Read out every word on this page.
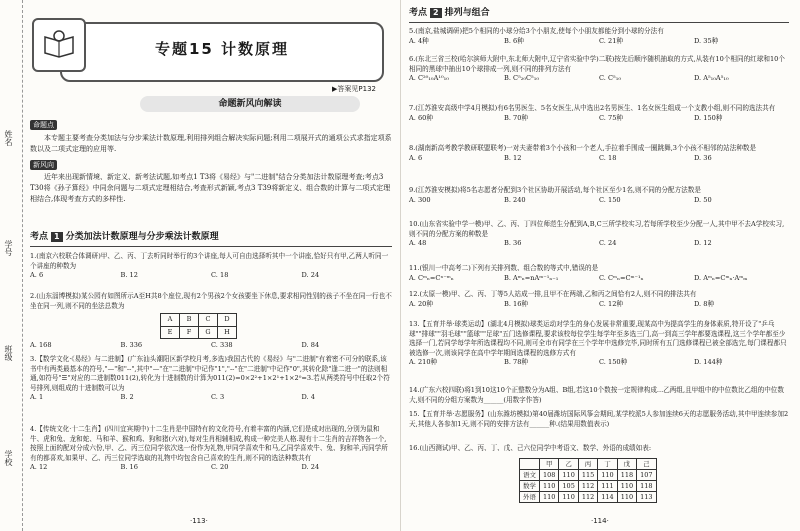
姓名
学号
班级
学校
专题15 计数原理
▶答案见P132
命题新风向解读
命题点
本专题主要考查分类加法与分步乘法计数原理,利用排列组合解决实际问题;利用二项展开式的通项公式求指定项系数以及二项式定理的应用等.
新风向
近年来出现新情境、新定义、新考法试题,如考点1 T3将《易经》与"二进制"结合分类加法计数原理考查;考点3 T30将《孙子算经》中同余问题与二项式定理相结合,考查形式新颖,考点3 T39将新定义、组合数的计算与二项式定理相结合,体现考查方式的多样性.
考点 1 分类加法计数原理与分步乘法计数原理
1.(南京六校联合体调研)甲、乙、丙、丁去听同时举行的3个讲座,每人可自由选择听其中一个讲座,恰好只有甲,乙两人听同一个讲座的种数为
A. 6	B. 12	C. 18	D. 24
2.(山东淄博模拟)某公园有如图所示A至H共8个座位,现有2个男孩2个女孩要坐下休息,要求相同性别的孩子不坐在同一行也不坐在同一列,则不同的坐法总数为
A	B	C	D
E	F	G	H
A. 168	B. 336	C. 338	D. 84
3.【数学文化·《易经》与二进制】(广东汕头潮阳区新学校月考,多选)我国古代的《易经》与"二进制"有着密不可分的联系,该书中有两类最基本的符号,"—"和"--",其中"—"在"二进制"中记作"1","--"在"二进制"中记作"0",其转化除"逢二进一"的法则相通,如符号"☰"对应的二进制数011(2),转化为十进制数的计算为011(2)=0×2²+1×2¹+1×2⁰=3.若从两类符号中任取2个符号排列,则组成的十进制数可以为
A. 1	B. 2	C. 3	D. 4
4.【传统文化·十二生肖】(四川宜宾期中)十二生肖是中国特有的文化符号,有着丰富的内涵,它们是成对出现的,分别为鼠和牛、虎和兔、龙和蛇、马和羊、猴和鸡、狗和猪(六对),每对生肖相辅相成,构成一种完美人格.现有十二生肖的吉祥物各一个,按照上面的配对分成六份,甲、乙、丙三位同学依次选一份作为礼物,甲同学喜欢牛和马,乙同学喜欢牛、兔、狗和羊,丙同学所有的都喜欢,如果甲、乙、丙三位同学选取的礼物中均包含自己喜欢的生肖,则不同的选法种数共有
A. 12	B. 16	C. 20	D. 24
·113·
考点 2 排列与组合
5.(南京,盐城调研)把5个相同的小球分给3个小朋友,使每个小朋友都能分到小球的分法有
A. 4种	B. 6种	C. 21种	D. 35种
6.(东北三省三校(哈尔滨师大附中,东北师大附中,辽宁省实验中学)二联)按先后顺序随机抽取的方式,从装有10个相同的红球和10个相同的黑球中抽出10个球排成一列,则不同的排列方法有
A. C²⁰₁₀A¹⁰₁₀	B. C⁵₂₀C⁵₁₀	C. C⁵₁₀	D. A⁵₁₀A⁵₁₀
7.(江苏淮安高级中学4月模拟)有6名男医生、5名女医生,从中选出2名男医生、1名女医生组成一个支教小组,则不同的选法共有
A. 60种	B. 70种	C. 75种	D. 150种
8.(湖南新高考教学教研联盟联考)一对夫妻带着3个小孩和一个老人,手拉着手围成一圈跳舞,3个小孩不相邻的站法种数是
A. 6	B. 12	C. 18	D. 36
9.(江苏淮安模拟)将5名志愿者分配到3个社区协助开展活动,每个社区至少1名,则不同的分配方法数是
A. 300	B. 240	C. 150	D. 50
10.(山东省实验中学一模)甲、乙、丙、丁四位师范生分配到A,B,C三所学校实习,若每所学校至少分配一人,其中甲不去A学校实习,则不同的分配方案的种数是
A. 48	B. 36	C. 24	D. 12
11.(银川一中高考二)下列有关排列数、组合数的等式中,错误的是
A. Cᵐₙ=Cⁿ⁻ᵐₙ	B. Aᵐₙ=nAᵐ⁻¹ₙ₋₁	C. Cᵐₙ=Cᵐ⁻¹ₙ	D. Aᵐₙ=Cᵐₙ·Aᵐₘ
12.(太原一模)甲、乙、丙、丁等5人站成一排,且甲不在两端,乙和丙之间恰有2人,则不同的排法共有
A. 20种	B. 16种	C. 12种	D. 8种
13.【五育并举·球类运动】(湖北4月模拟)球类运动对学生的身心发展非常重要,现某高中为提高学生的身体素质,特开设了"乒乓球""排球""羽毛球""篮球""足球"五门选修课程,要求该校每位学生每学年至多选三门,高一到高三学年都要选课程,这三个学年都至少选择一门,若同学每学年所选课程均不同,则可全市有同学在三个学年中选修完毕,同时所有五门选修课程已被全部选完,每门课程都只被选修一次,则该同学在高中学年期间选课程的选修方式有
A. 210种	B. 78种	C. 150种	D. 144种
14.(广东六校四联)将1到10这10个正整数分为A组、B组,若这10个数按一定规律构成...乙两组,且甲组中的中位数比乙组的中位数大,则不同的分组方案数为______(用数字作答)
15.【五育并举·志愿服务】(山东潍坊模拟)第40届潍坊国际风筝会期间,某学校派5人参加连续6天的志愿服务活动,其中甲连续参加2天,其他人各参加1天,则不同的安排方法有______种.(结果用数值表示)
16.(山西测试)甲、乙、丙、丁、戊、己六位同学中考语文、数学、外语的成绩如表:
	甲	乙	丙	丁	戊	己
语文	108	110	115	110	118	107
数学	110	105	112	111	110	118
外语	110	110	112	114	110	113
·114·
